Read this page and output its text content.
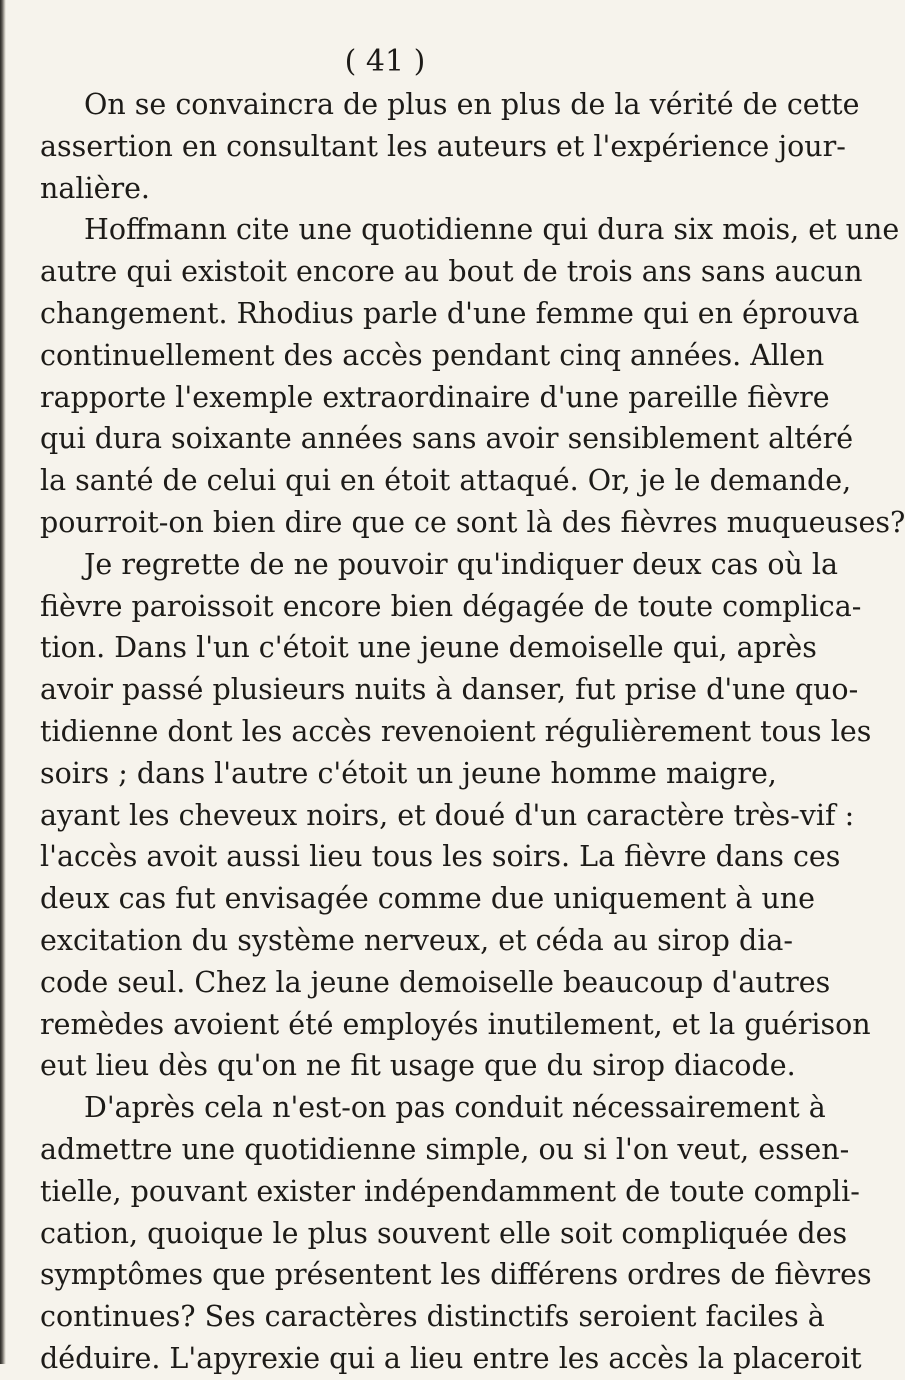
( 41 )

On se convaincra de plus en plus de la vérité de cette

assertion en consultant les auteurs et l'expérience jour-

nalière.

Hoffmann cite une quotidienne qui dura six mois, et une

autre qui existoit encore au bout de trois ans sans aucun

changement. Rhodius parle d'une femme qui en éprouva

continuellement des accès pendant cinq années. Allen

rapporte l'exemple extraordinaire d'une pareille fièvre

qui dura soixante années sans avoir sensiblement altéré

la santé de celui qui en étoit attaqué. Or, je le demande,

pourroit-on bien dire que ce sont là des fièvres muqueuses?

Je regrette de ne pouvoir qu'indiquer deux cas où la

fièvre paroissoit encore bien dégagée de toute complica-

tion. Dans l'un c'étoit une jeune demoiselle qui, après

avoir passé plusieurs nuits à danser, fut prise d'une quo-

tidienne dont les accès revenoient régulièrement tous les

soirs ; dans l'autre c'étoit un jeune homme maigre,

ayant les cheveux noirs, et doué d'un caractère très-vif :

l'accès avoit aussi lieu tous les soirs. La fièvre dans ces

deux cas fut envisagée comme due uniquement à une

excitation du système nerveux, et céda au sirop dia-

code seul. Chez la jeune demoiselle beaucoup d'autres

remèdes avoient été employés inutilement, et la guérison

eut lieu dès qu'on ne fit usage que du sirop diacode.

D'après cela n'est-on pas conduit nécessairement à

admettre une quotidienne simple, ou si l'on veut, essen-

tielle, pouvant exister indépendamment de toute compli-

cation, quoique le plus souvent elle soit compliquée des

symptômes que présentent les différens ordres de fièvres

continues? Ses caractères distinctifs seroient faciles à

déduire. L'apyrexie qui a lieu entre les accès la placeroit
